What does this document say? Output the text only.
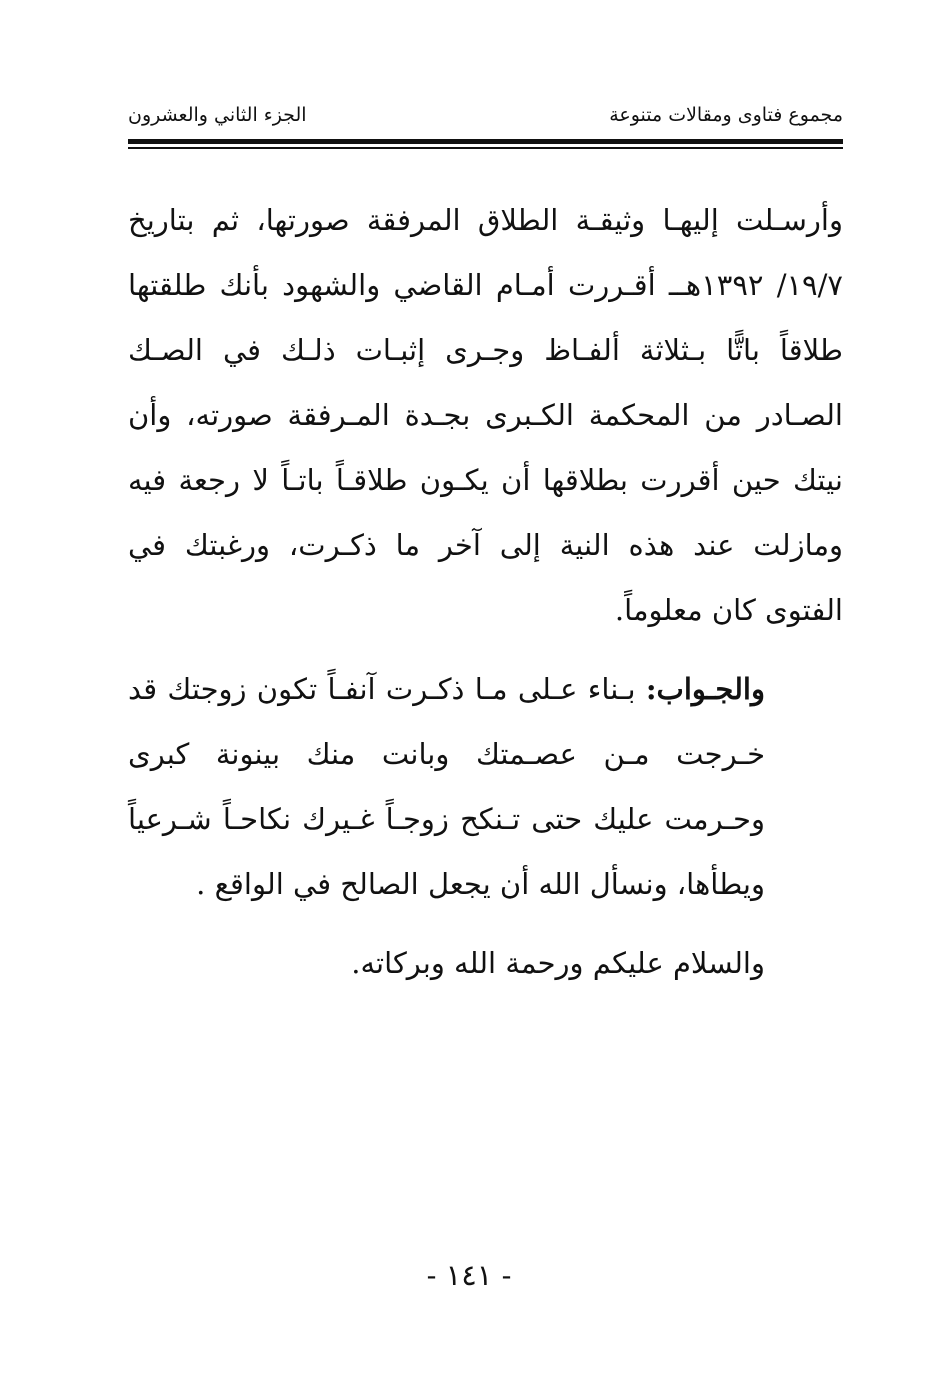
مجموع فتاوى ومقالات متنوعة
الجزء الثاني والعشرون

وأرسـلت إليهـا وثيقـة الطلاق المرفقة صورتها، ثم بتاريخ ١٩/٧/ ١٣٩٢هــ أقـررت أمـام القاضي والشهود بأنك طلقتها طلاقاً باتًّا بـثلاثة ألفـاظ وجـرى إثبـات ذلـك في الصـك الصـادر من المحكمة الكـبرى بجـدة المـرفقة صورته، وأن نيتك حين أقررت بطلاقها أن يكـون طلاقـاً باتـاً لا رجعة فيه ومازلت عند هذه النية إلى آخر ما ذكـرت، ورغبتك في الفتوى كان معلوماً.

والجـواب: بـناء عـلى مـا ذكـرت آنفـاً تكون زوجتك قد خـرجت مـن عصـمتك وبانت منك بينونة كبرى وحـرمت عليك حتى تـنكح زوجـاً غـيرك نكاحـاً شـرعياً ويطأها، ونسأل الله أن يجعل الصالح في الواقع .

والسلام عليكم ورحمة الله وبركاته.

- ١٤١ -
